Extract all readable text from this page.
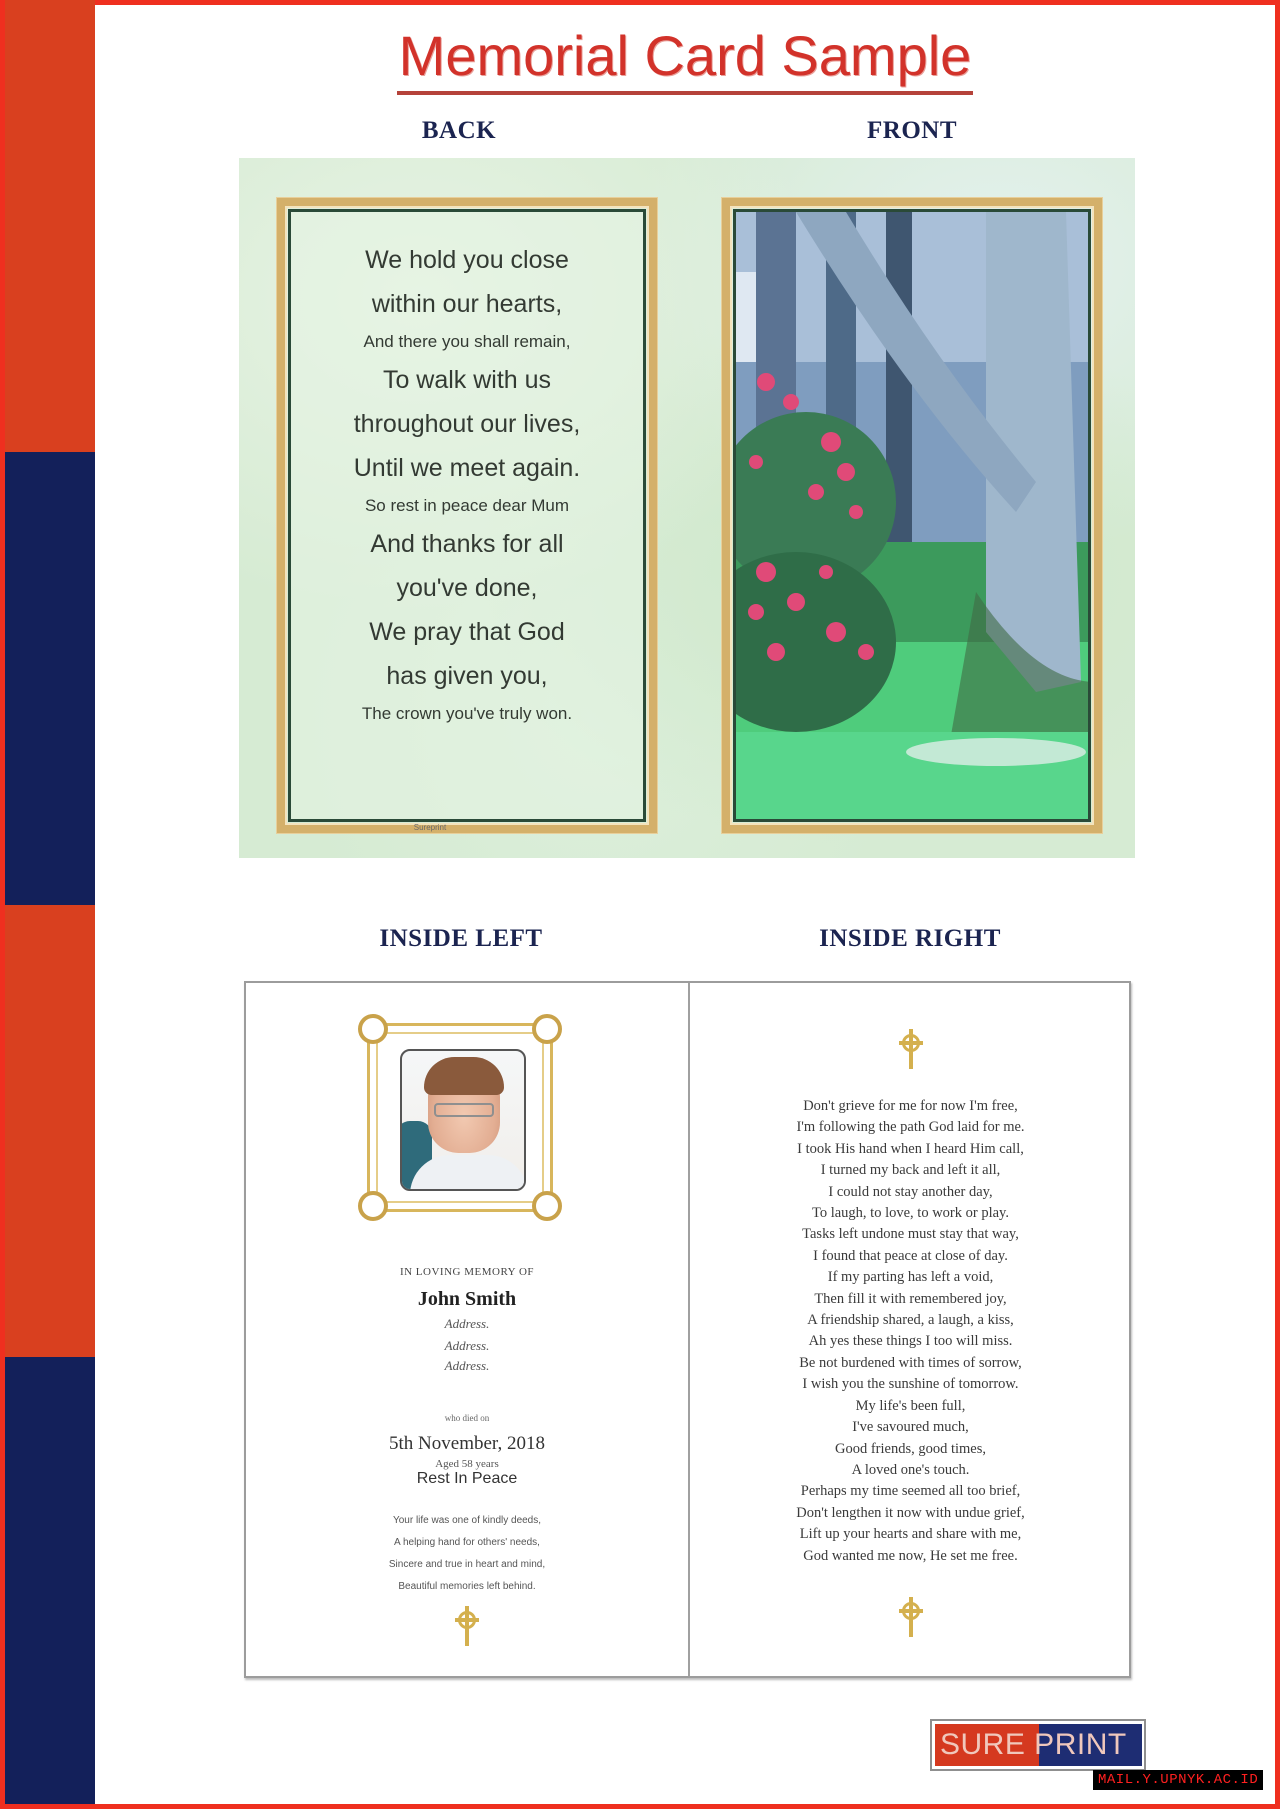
Memorial Card Sample
BACK	FRONT
We hold you close
within our hearts,
And there you shall remain,
To walk with us
throughout our lives,
Until we meet again.
So rest in peace dear Mum
And thanks for all
you've done,
We pray that God
has given you,
The crown you've truly won.
Sureprint
INSIDE LEFT	INSIDE RIGHT
IN LOVING MEMORY OF
John Smith
Address.
Address.
Address.
who died on
5th November, 2018
Aged 58 years
Rest In Peace
Your life was one of kindly deeds,
A helping hand for others' needs,
Sincere and true in heart and mind,
Beautiful memories left behind.
Don't grieve for me for now I'm free,
I'm following the path God laid for me.
I took His hand when I heard Him call,
I turned my back and left it all,
I could not stay another day,
To laugh, to love, to work or play.
Tasks left undone must stay that way,
I found that peace at close of day.
If my parting has left a void,
Then fill it with remembered joy,
A friendship shared, a laugh, a kiss,
Ah yes these things I too will miss.
Be not burdened with times of sorrow,
I wish you the sunshine of tomorrow.
My life's been full,
I've savoured much,
Good friends, good times,
A loved one's touch.
Perhaps my time seemed all too brief,
Don't lengthen it now with undue grief,
Lift up your hearts and share with me,
God wanted me now, He set me free.
SURE PRINT
MAIL.Y.UPNYK.AC.ID
